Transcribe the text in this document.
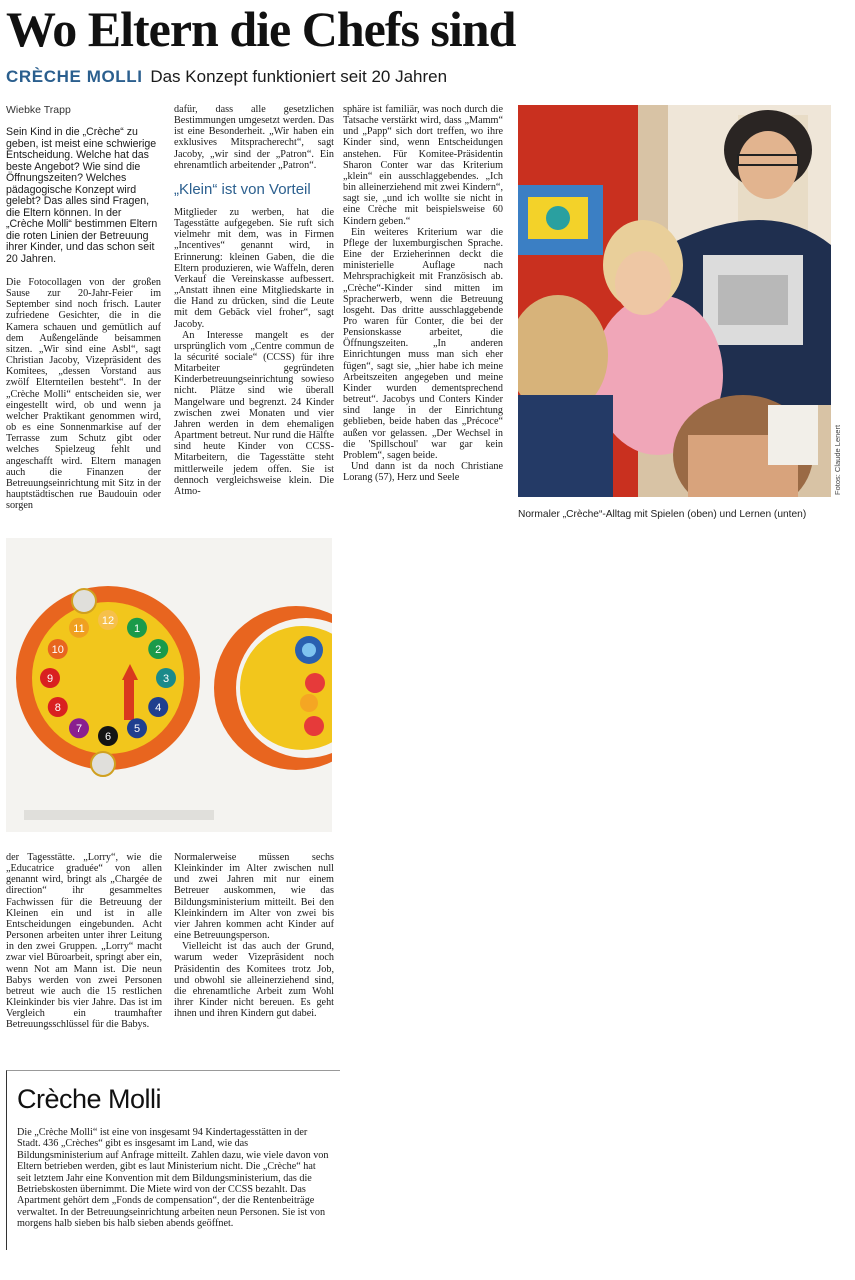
Wo Eltern die Chefs sind
CRÈCHE MOLLI Das Konzept funktioniert seit 20 Jahren
Wiebke Trapp

Sein Kind in die „Crèche“ zu geben, ist meist eine schwierige Entscheidung. Welche hat das beste Angebot? Wie sind die Öffnungszeiten? Welches pädagogische Konzept wird gelebt? Das alles sind Fragen, die Eltern können. In der „Crèche Molli“ bestimmen Eltern die roten Linien der Betreuung ihrer Kinder, und das schon seit 20 Jahren.

Die Fotocollagen von der großen Sause zur 20-Jahr-Feier im September sind noch frisch. Lauter zufriedene Gesichter, die in die Kamera schauen und gemütlich auf dem Außengelände beisammen sitzen. „Wir sind eine Asbl“, sagt Christian Jacoby, Vizepräsident des Komitees, „dessen Vorstand aus zwölf Elternteilen besteht“. In der „Crèche Molli“ entscheiden sie, wer eingestellt wird, ob und wenn ja welcher Praktikant genommen wird, ob es eine Sonnenmarkise auf der Terrasse zum Schutz gibt oder welches Spielzeug fehlt und angeschafft wird. Eltern managen auch die Finanzen der Betreuungseinrichtung mit Sitz in der hauptstädtischen rue Baudouin oder sorgen

dafür, dass alle gesetzlichen Bestimmungen umgesetzt werden. Das ist eine Besonderheit. „Wir haben ein exklusives Mitspracherecht“, sagt Jacoby, „wir sind der „Patron“. Ein ehrenamtlich arbeitender „Patron“.

„Klein“ ist von Vorteil

Mitglieder zu werben, hat die Tagesstätte aufgegeben. Sie ruft sich vielmehr mit dem, was in Firmen „Incentives“ genannt wird, in Erinnerung: kleinen Gaben, die die Eltern produzieren, wie Waffeln, deren Verkauf die Vereinskasse aufbessert. „Anstatt ihnen eine Mitgliedskarte in die Hand zu drücken, sind die Leute mit dem Gebäck viel froher“, sagt Jacoby.

An Interesse mangelt es der ursprünglich vom „Centre commun de la sécurité sociale“ (CCSS) für ihre Mitarbeiter gegründeten Kinderbetreuungseinrichtung sowieso nicht. Plätze sind wie überall Mangelware und begrenzt. 24 Kinder zwischen zwei Monaten und vier Jahren werden in dem ehemaligen Apartment betreut. Nur rund die Hälfte sind heute Kinder von CCSS-Mitarbeitern, die Tagesstätte steht mittlerweile jedem offen. Sie ist dennoch vergleichsweise klein. Die Atmo-

sphäre ist familiär, was noch durch die Tatsache verstärkt wird, dass „Mamm“ und „Papp“ sich dort treffen, wo ihre Kinder sind, wenn Entscheidungen anstehen. Für Komitee-Präsidentin Sharon Conter war das Kriterium „klein“ ein ausschlaggebendes. „Ich bin alleinerziehend mit zwei Kindern“, sagt sie, „und ich wollte sie nicht in eine Crèche mit beispielsweise 60 Kindern geben.“

Ein weiteres Kriterium war die Pflege der luxemburgischen Sprache. Eine der Erzieherinnen deckt die ministerielle Auflage nach Mehrsprachigkeit mit Französisch ab. „Crèche“-Kinder sind mitten im Spracherwerb, wenn die Betreuung losgeht. Das dritte ausschlaggebende Pro waren für Conter, die bei der Pensionskasse arbeitet, die Öffnungszeiten. „In anderen Einrichtungen muss man sich eher fügen“, sagt sie, „hier habe ich meine Arbeitszeiten angegeben und meine Kinder wurden dementsprechend betreut“. Jacobys und Conters Kinder sind lange in der Einrichtung geblieben, beide haben das „Précoce“ außen vor gelassen. „Der Wechsel in die 'Spillschoul' war gar kein Problem“, sagen beide.

Und dann ist da noch Christiane Lorang (57), Herz und Seele	Fotos: Claude Lenert
Normaler „Crèche“-Alltag mit Spielen (oben) und Lernen (unten)
12
1
2
3
4
5
6
7
8
9
10
11

der Tagesstätte. „Lorry“, wie die „Educatrice graduée“ von allen genannt wird, bringt als „Chargée de direction“ ihr gesammeltes Fachwissen für die Betreuung der Kleinen ein und ist in alle Entscheidungen eingebunden. Acht Personen arbeiten unter ihrer Leitung in den zwei Gruppen. „Lorry“ macht zwar viel Büroarbeit, springt aber ein, wenn Not am Mann ist. Die neun Babys werden von zwei Personen betreut wie auch die 15 restlichen Kleinkinder bis vier Jahre. Das ist im Vergleich ein traumhafter Betreuungsschlüssel für die Babys.

Normalerweise müssen sechs Kleinkinder im Alter zwischen null und zwei Jahren mit nur einem Betreuer auskommen, wie das Bildungsministerium mitteilt. Bei den Kleinkindern im Alter von zwei bis vier Jahren kommen acht Kinder auf eine Betreuungsperson.

Vielleicht ist das auch der Grund, warum weder Vizepräsident noch Präsidentin des Komitees trotz Job, und obwohl sie alleinerziehend sind, die ehrenamtliche Arbeit zum Wohl ihrer Kinder nicht bereuen. Es geht ihnen und ihren Kindern gut dabei.

Crèche Molli

Die „Crèche Molli“ ist eine von insgesamt 94 Kindertagesstätten in der Stadt. 436 „Crèches“ gibt es insgesamt im Land, wie das Bildungsministerium auf Anfrage mitteilt. Zahlen dazu, wie viele davon von Eltern betrieben werden, gibt es laut Ministerium nicht. Die „Crèche“ hat seit letztem Jahr eine Konvention mit dem Bildungsministerium, das die Betriebskosten übernimmt. Die Miete wird von der CCSS bezahlt. Das Apartment gehört dem „Fonds de compensation“, der die Rentenbeiträge verwaltet. In der Betreuungseinrichtung arbeiten neun Personen. Sie ist von morgens halb sieben bis halb sieben abends geöffnet.
